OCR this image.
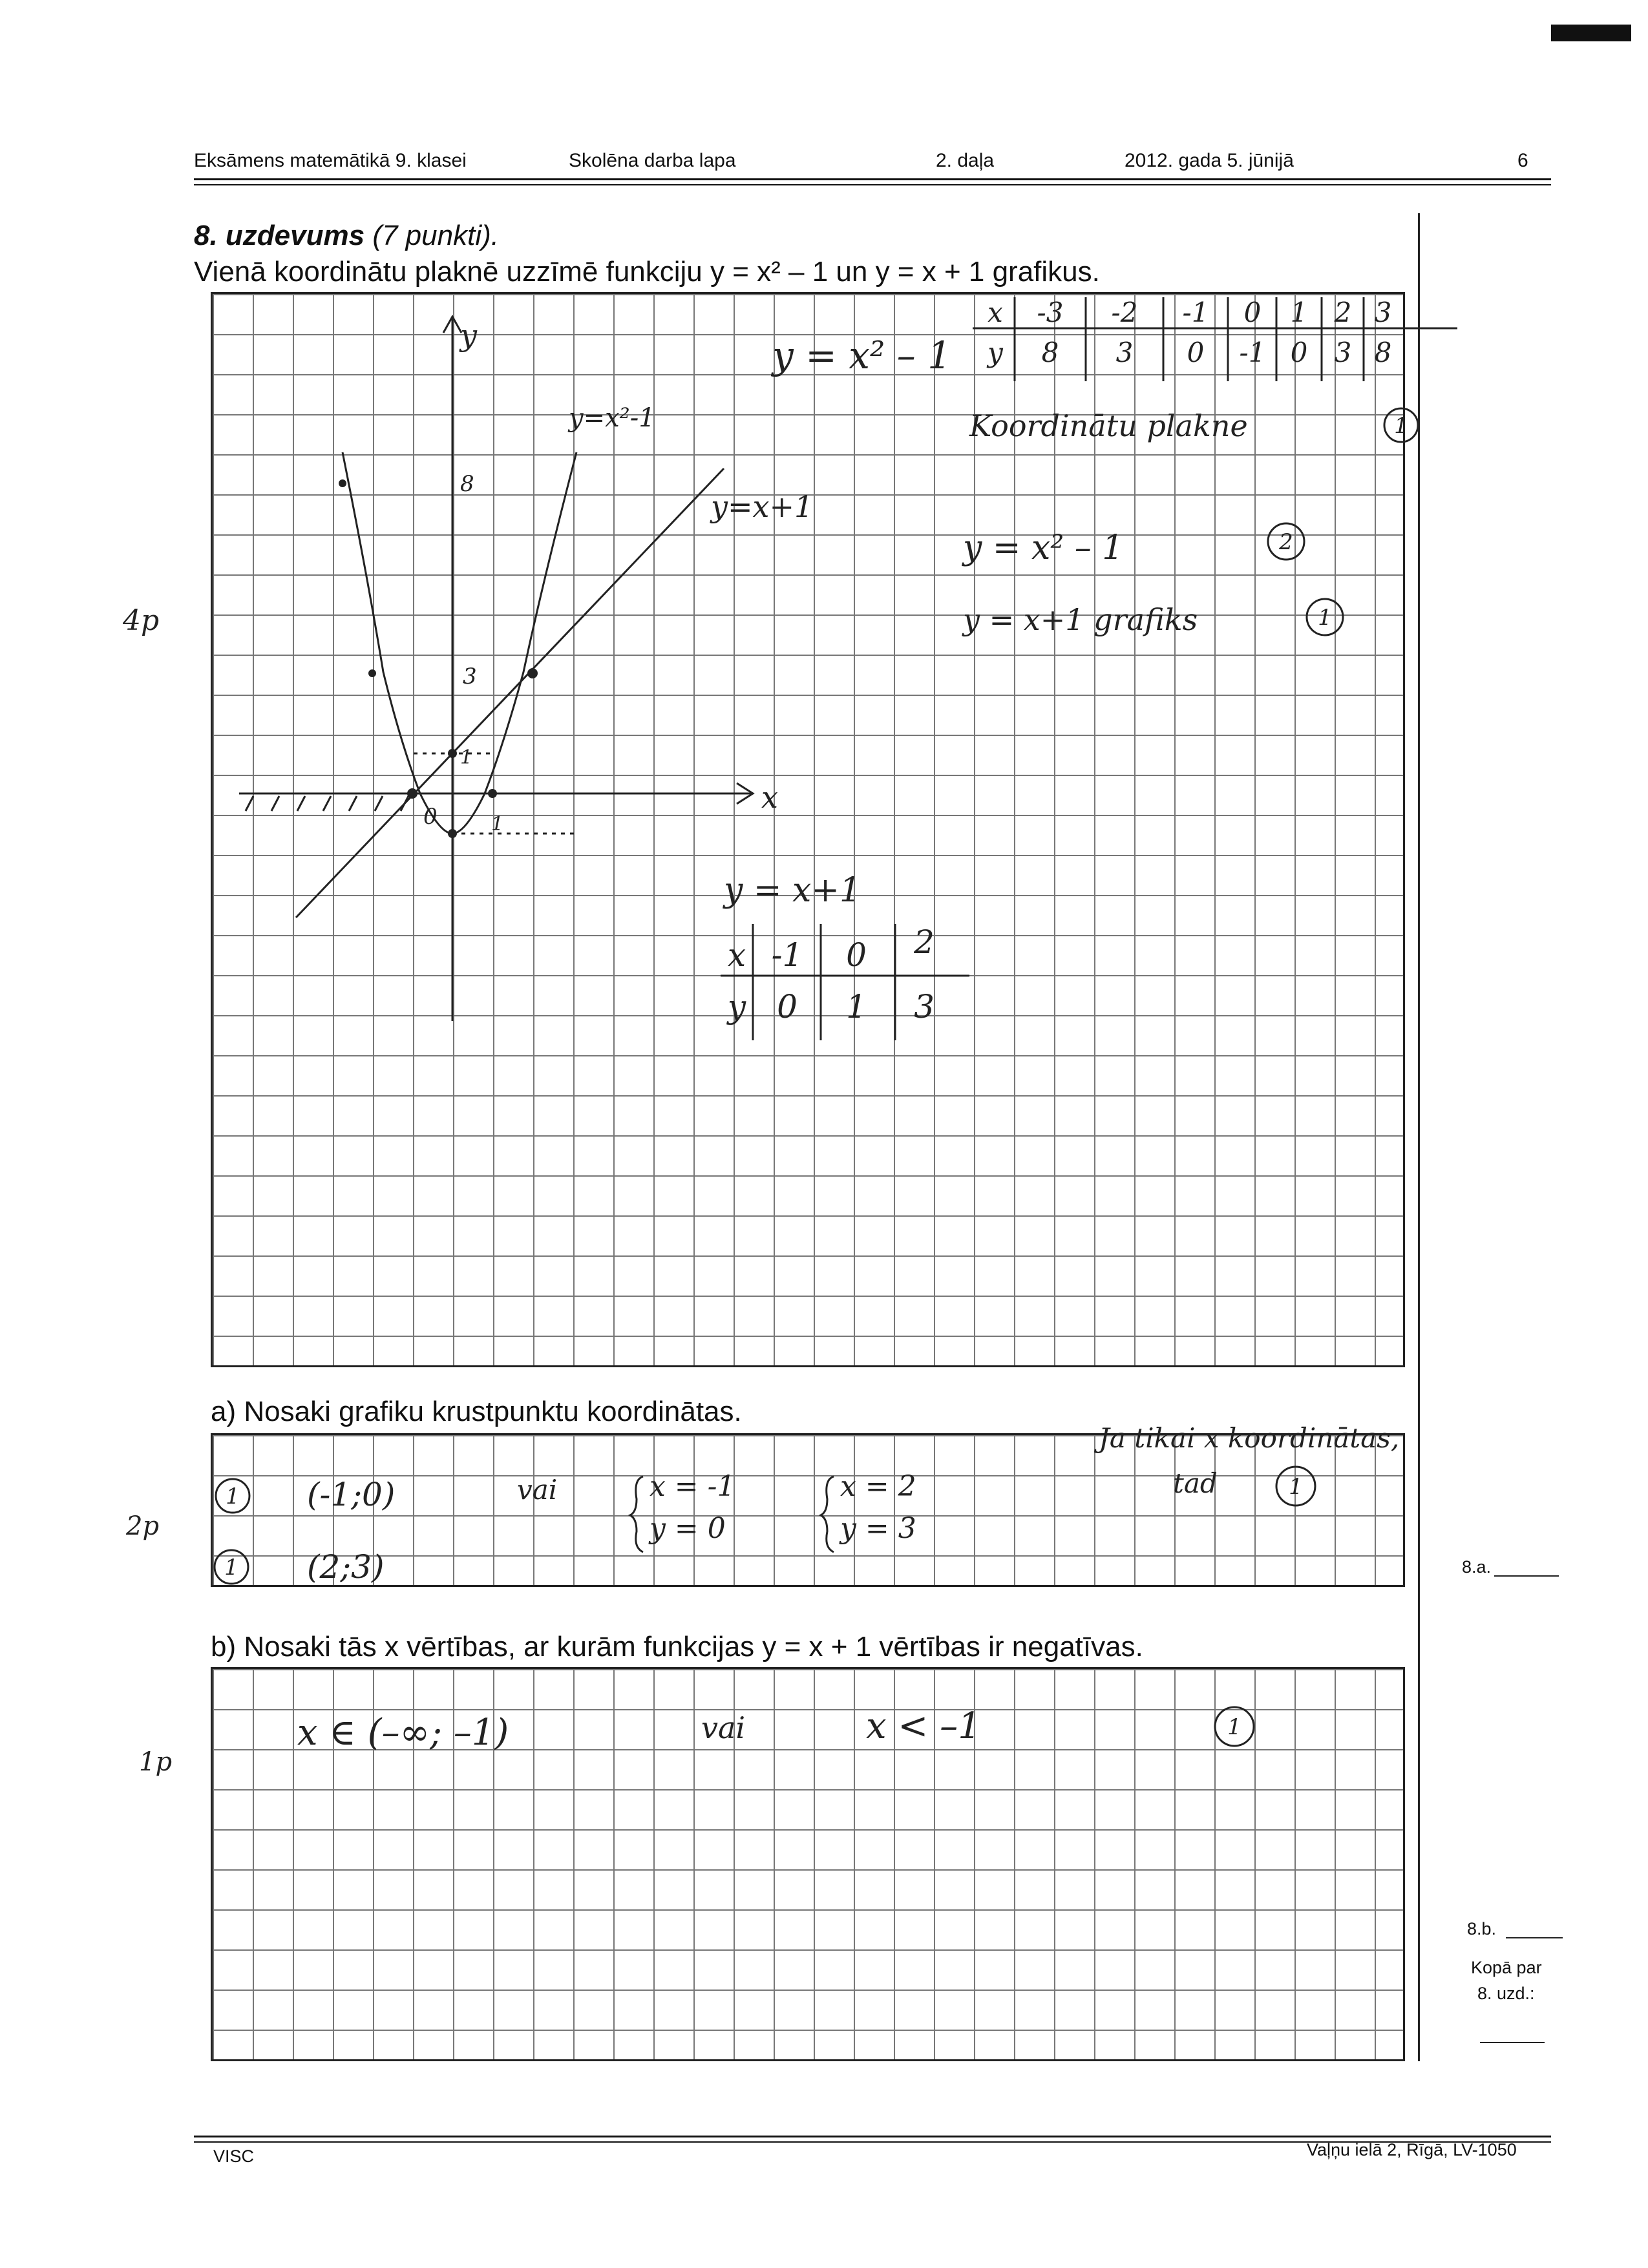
Eksāmens matemātikā 9. klasei	Skolēna darba lapa	2. daļa	2012. gada 5. jūnijā	6
8. uzdevums (7 punkti).
Vienā koordinātu plaknē uzzīmē funkciju y = x² – 1 un y = x + 1 grafikus.
y
x
8
3
1
0	1
y=x²-1
y=x+1
y = x² – 1
Koordinātu plakne
y = x² – 1
y = x+1 grafiks
4p
1
2
1
x -3 -2 -1 0 1 2 3
y 8 3 0 -1 0 3 8
y = x+1
x -1 0 2
y 0 1 3
a) Nosaki grafiku krustpunktu koordinātas.
1
1
1
(-1;0)
(2;3)
vai	x = -1
y = 0
x = 2
y = 3
Ja tikai x koordinātas,
tad
2p
8.a.
b) Nosaki tās x vērtības, ar kurām funkcijas y = x + 1 vērtības ir negatīvas.
x ∈ (–∞; –1)	vai	x < –1
1p
1
8.b.
Kopā par
8. uzd.:
VISC	Vaļņu ielā 2, Rīgā, LV-1050
